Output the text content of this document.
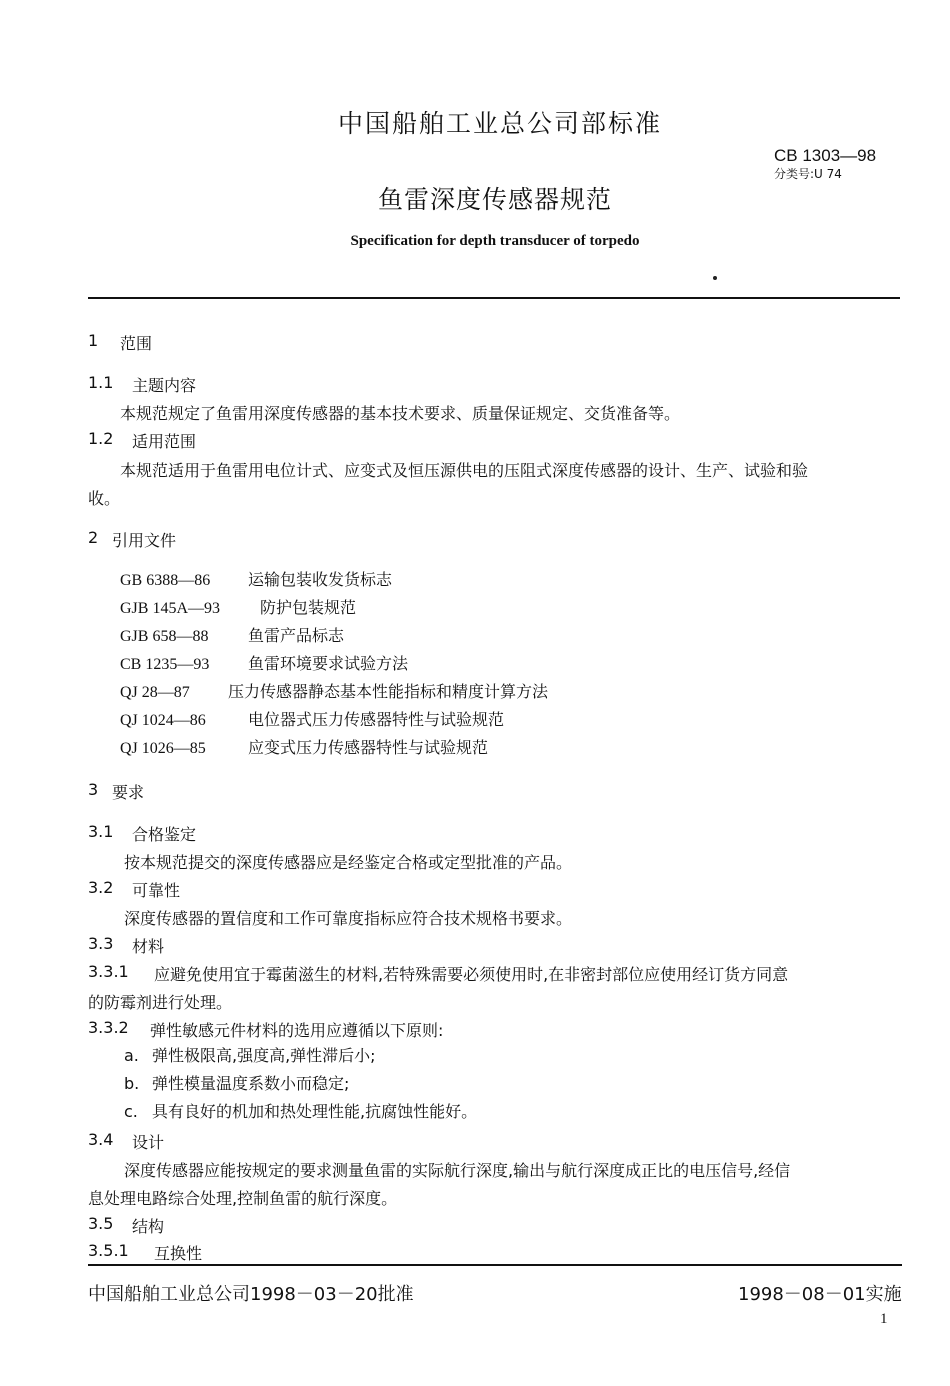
中国船舶工业总公司部标准
CB 1303—98
分类号:U 74
鱼雷深度传感器规范
Specification for depth transducer of torpedo
1 范围
1.1 主题内容
本规范规定了鱼雷用深度传感器的基本技术要求、质量保证规定、交货准备等。
1.2 适用范围
本规范适用于鱼雷用电位计式、应变式及恒压源供电的压阻式深度传感器的设计、生产、试验和验
收。
2 引用文件
GB 6388—86 运输包装收发货标志
GJB 145A—93 防护包装规范
GJB 658—88 鱼雷产品标志
CB 1235—93 鱼雷环境要求试验方法
QJ 28—87 压力传感器静态基本性能指标和精度计算方法
QJ 1024—86	电位器式压力传感器特性与试验规范
QJ 1026—85	应变式压力传感器特性与试验规范
3 要求
3.1 合格鉴定
按本规范提交的深度传感器应是经鉴定合格或定型批准的产品。
3.2 可靠性
深度传感器的置信度和工作可靠度指标应符合技术规格书要求。
3.3 材料
3.3.1 应避免使用宜于霉菌滋生的材料,若特殊需要必须使用时,在非密封部位应使用经订货方同意
的防霉剂进行处理。
3.3.2 弹性敏感元件材料的选用应遵循以下原则:
a. 弹性极限高,强度高,弹性滞后小;
b. 弹性模量温度系数小而稳定;
c. 具有良好的机加和热处理性能,抗腐蚀性能好。
3.4 设计
深度传感器应能按规定的要求测量鱼雷的实际航行深度,输出与航行深度成正比的电压信号,经信
息处理电路综合处理,控制鱼雷的航行深度。
3.5 结构
3.5.1 互换性
中国船舶工业总公司1998－03－20批准	1998－08－01实施
1
